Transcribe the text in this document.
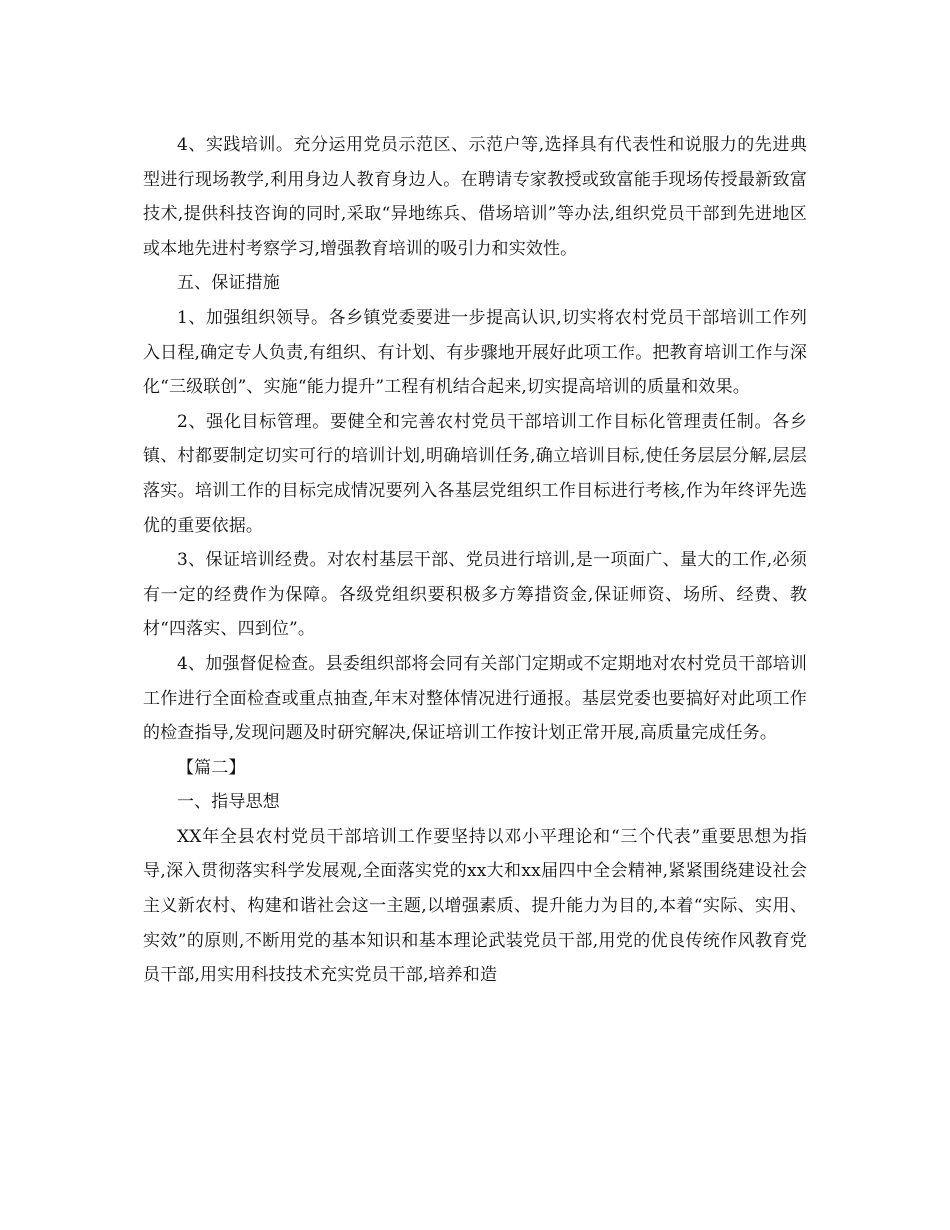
4、实践培训。充分运用党员示范区、示范户等,选择具有代表性和说服力的先进典型进行现场教学,利用身边人教育身边人。在聘请专家教授或致富能手现场传授最新致富技术,提供科技咨询的同时,采取“异地练兵、借场培训”等办法,组织党员干部到先进地区或本地先进村考察学习,增强教育培训的吸引力和实效性。

五、保证措施

1、加强组织领导。各乡镇党委要进一步提高认识,切实将农村党员干部培训工作列入日程,确定专人负责,有组织、有计划、有步骤地开展好此项工作。把教育培训工作与深化“三级联创”、实施“能力提升”工程有机结合起来,切实提高培训的质量和效果。

2、强化目标管理。要健全和完善农村党员干部培训工作目标化管理责任制。各乡镇、村都要制定切实可行的培训计划,明确培训任务,确立培训目标,使任务层层分解,层层落实。培训工作的目标完成情况要列入各基层党组织工作目标进行考核,作为年终评先选优的重要依据。

3、保证培训经费。对农村基层干部、党员进行培训,是一项面广、量大的工作,必须有一定的经费作为保障。各级党组织要积极多方筹措资金,保证师资、场所、经费、教材“四落实、四到位”。

4、加强督促检查。县委组织部将会同有关部门定期或不定期地对农村党员干部培训工作进行全面检查或重点抽查,年末对整体情况进行通报。基层党委也要搞好对此项工作的检查指导,发现问题及时研究解决,保证培训工作按计划正常开展,高质量完成任务。

【篇二】

一、指导思想

XX年全县农村党员干部培训工作要坚持以邓小平理论和“三个代表”重要思想为指导,深入贯彻落实科学发展观,全面落实党的xx大和xx届四中全会精神,紧紧围绕建设社会主义新农村、构建和谐社会这一主题,以增强素质、提升能力为目的,本着“实际、实用、实效”的原则,不断用党的基本知识和基本理论武装党员干部,用党的优良传统作风教育党员干部,用实用科技技术充实党员干部,培养和造
